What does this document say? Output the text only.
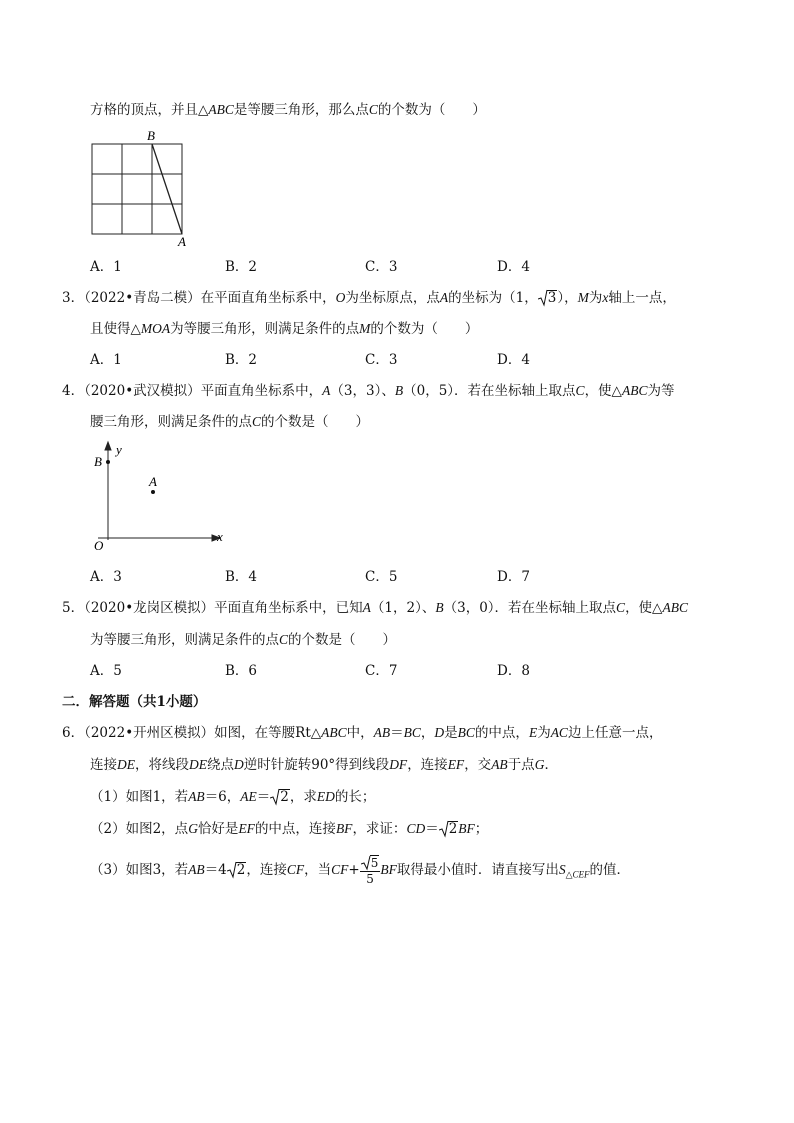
方格的顶点，并且△ABC是等腰三角形，那么点C的个数为（　　）
B
A
A．1	B．2	C．3	D．4
3．（2022•青岛二模）在平面直角坐标系中，O为坐标原点，点A的坐标为（1， 3），M为x轴上一点，
且使得△MOA为等腰三角形，则满足条件的点M的个数为（　　）
A．1	B．2	C．3	D．4
4．（2020•武汉模拟）平面直角坐标系中，A（3，3）、B（0，5）．若在坐标轴上取点C，使△ABC为等
腰三角形，则满足条件的点C的个数是（　　）
y
x
O
B
A
A．3	B．4	C．5	D．7
5．（2020•龙岗区模拟）平面直角坐标系中，已知A（1，2）、B（3，0）．若在坐标轴上取点C，使△ABC
为等腰三角形，则满足条件的点C的个数是（　　）
A．5	B．6	C．7	D．8
二．解答题（共1小题）
6．（2022•开州区模拟）如图，在等腰Rt△ABC中，AB＝BC，D是BC的中点，E为AC边上任意一点，
连接DE，将线段DE绕点D逆时针旋转90°得到线段DF，连接EF，交AB于点G．
（1）如图1，若AB＝6，AE＝ 2，求ED的长；
（2）如图2，点G恰好是EF的中点，连接BF，求证：CD＝ 2BF；
（3）如图3，若AB＝4 2，连接CF，当$CF+ \frac{5}{5}$ BF取得最小值时．请直接写出$S_{\triangle CEF}$的值．
